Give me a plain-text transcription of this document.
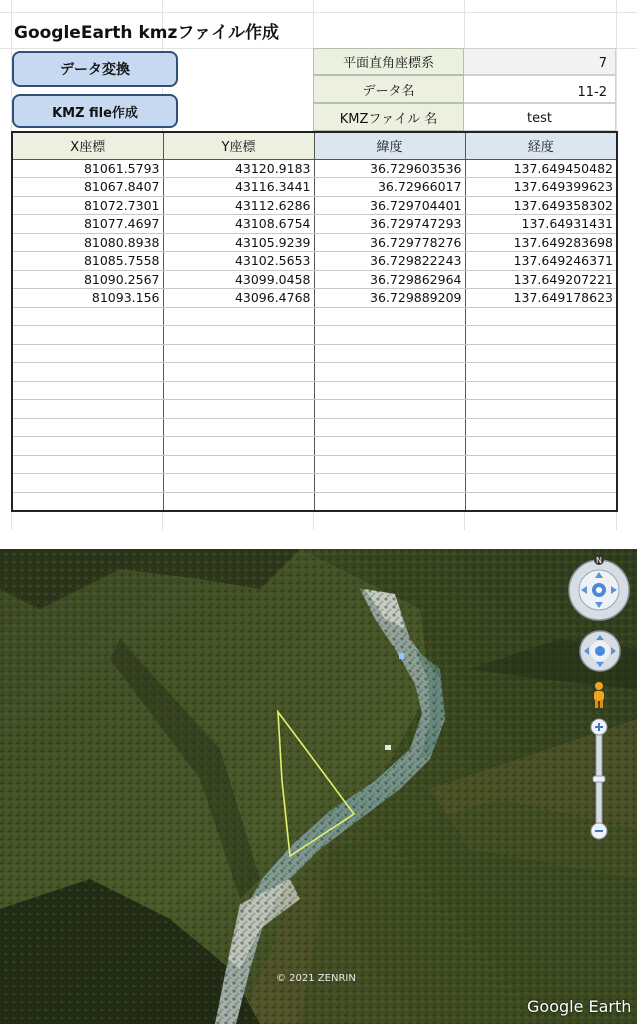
GoogleEarth kmzファイル作成
データ変換
KMZ file作成
平面直角座標系	7
データ名	11-2
KMZファイル 名	test
X座標	Y座標	緯度	経度
81061.5793	43120.9183	36.729603536	137.649450482
81067.8407	43116.3441	36.72966017	137.649399623
81072.7301	43112.6286	36.729704401	137.649358302
81077.4697	43108.6754	36.729747293	137.64931431
81080.8938	43105.9239	36.729778276	137.649283698
81085.7558	43102.5653	36.729822243	137.649246371
81090.2567	43099.0458	36.729862964	137.649207221
81093.156	43096.4768	36.729889209	137.649178623

N
© 2021 ZENRIN
Google Earth
